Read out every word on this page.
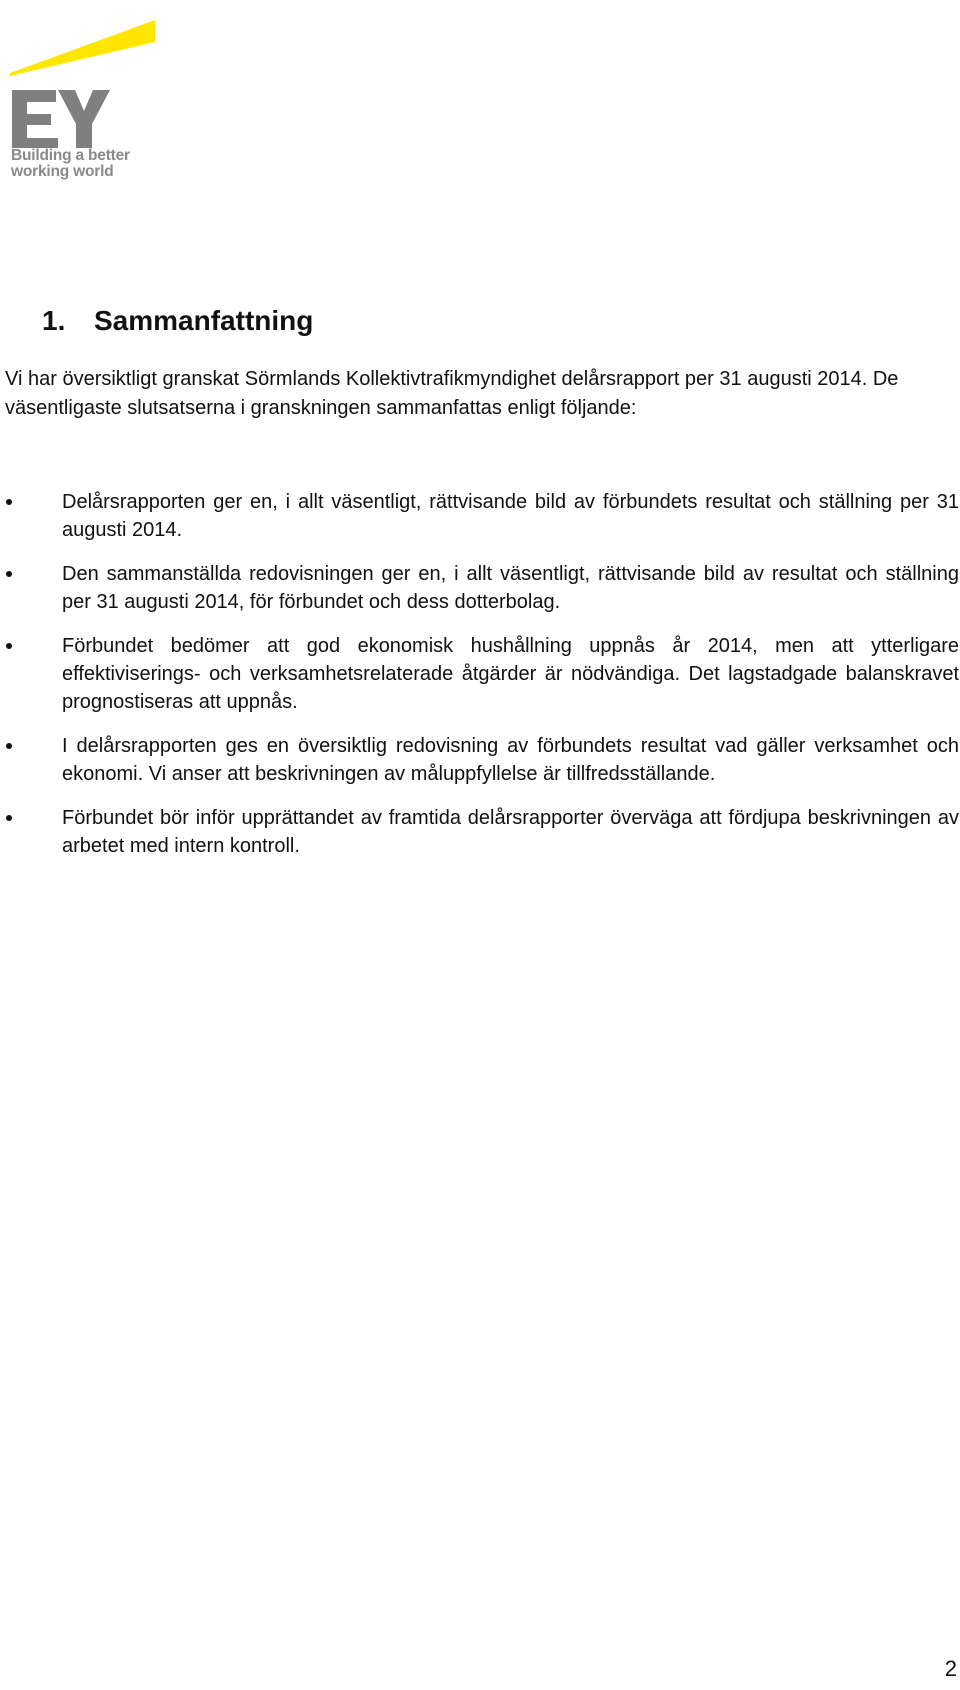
Building a better
working world
1. Sammanfattning

Vi har översiktligt granskat Sörmlands Kollektivtrafikmyndighet delårsrapport per 31 augusti 2014. De väsentligaste slutsatserna i granskningen sammanfattas enligt följande:

Delårsrapporten ger en, i allt väsentligt, rättvisande bild av förbundets resultat och ställning per 31 augusti 2014.
Den sammanställda redovisningen ger en, i allt väsentligt, rättvisande bild av resultat och ställning per 31 augusti 2014, för förbundet och dess dotterbolag.
Förbundet bedömer att god ekonomisk hushållning uppnås år 2014, men att ytterligare effektiviserings- och verksamhetsrelaterade åtgärder är nödvändiga. Det lagstadgade balanskravet prognostiseras att uppnås.
I delårsrapporten ges en översiktlig redovisning av förbundets resultat vad gäller verksamhet och ekonomi. Vi anser att beskrivningen av måluppfyllelse är tillfredsställande.
Förbundet bör inför upprättandet av framtida delårsrapporter överväga att fördjupa beskrivningen av arbetet med intern kontroll.
2
